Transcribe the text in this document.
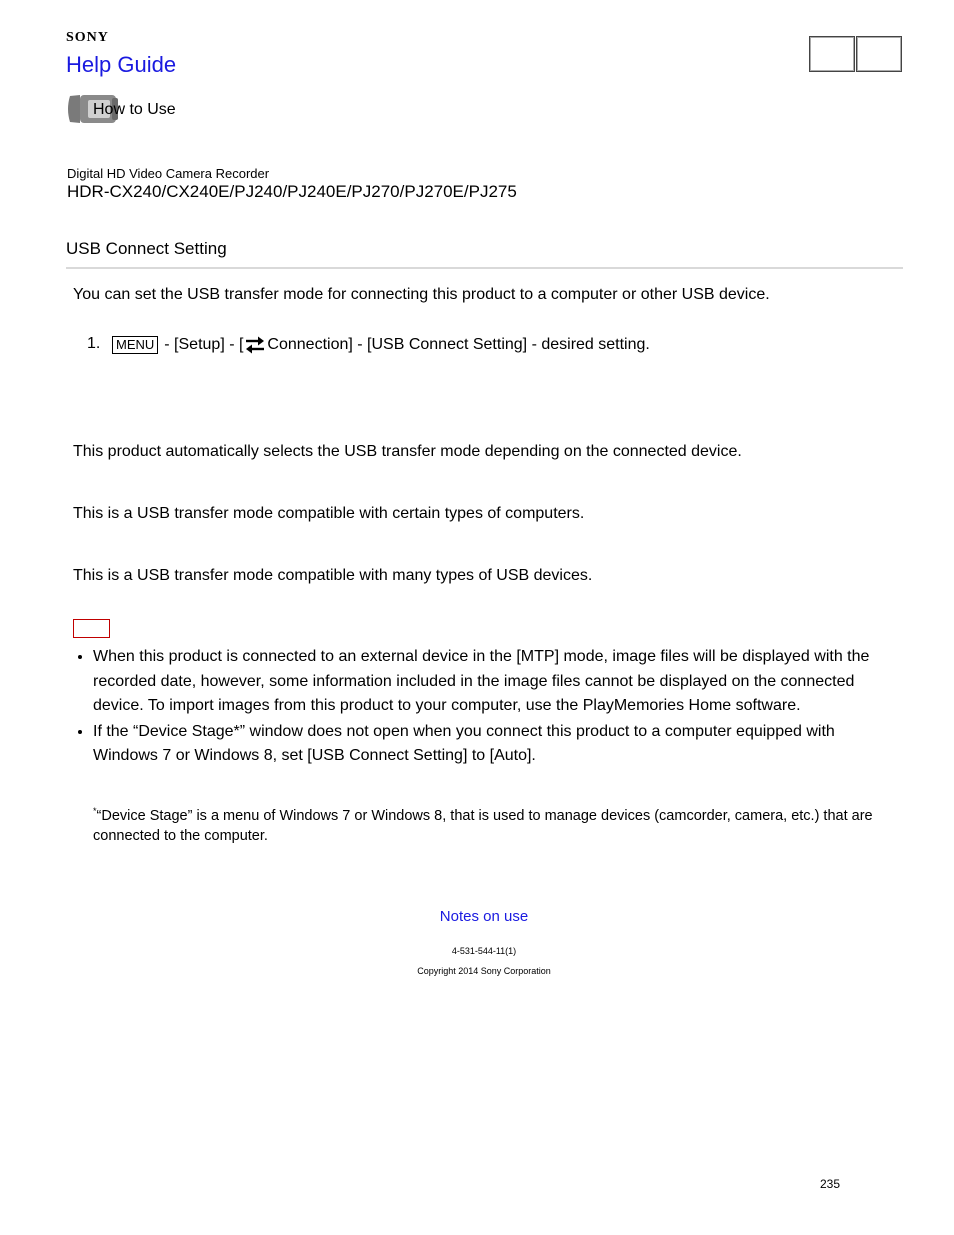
SONY
Help Guide
How to Use
Digital HD Video Camera Recorder
HDR-CX240/CX240E/PJ240/PJ240E/PJ270/PJ270E/PJ275
USB Connect Setting
You can set the USB transfer mode for connecting this product to a computer or other USB device.
1.	MENU - [Setup] - [ Connection] - [USB Connect Setting] - desired setting.
This product automatically selects the USB transfer mode depending on the connected device.
This is a USB transfer mode compatible with certain types of computers.
This is a USB transfer mode compatible with many types of USB devices.
• When this product is connected to an external device in the [MTP] mode, image files will be displayed with the recorded date, however, some information included in the image files cannot be displayed on the connected device. To import images from this product to your computer, use the PlayMemories Home software.
• If the “Device Stage*” window does not open when you connect this product to a computer equipped with Windows 7 or Windows 8, set [USB Connect Setting] to [Auto].
*“Device Stage” is a menu of Windows 7 or Windows 8, that is used to manage devices (camcorder, camera, etc.) that are connected to the computer.
Notes on use
4-531-544-11(1)
Copyright 2014 Sony Corporation
235
